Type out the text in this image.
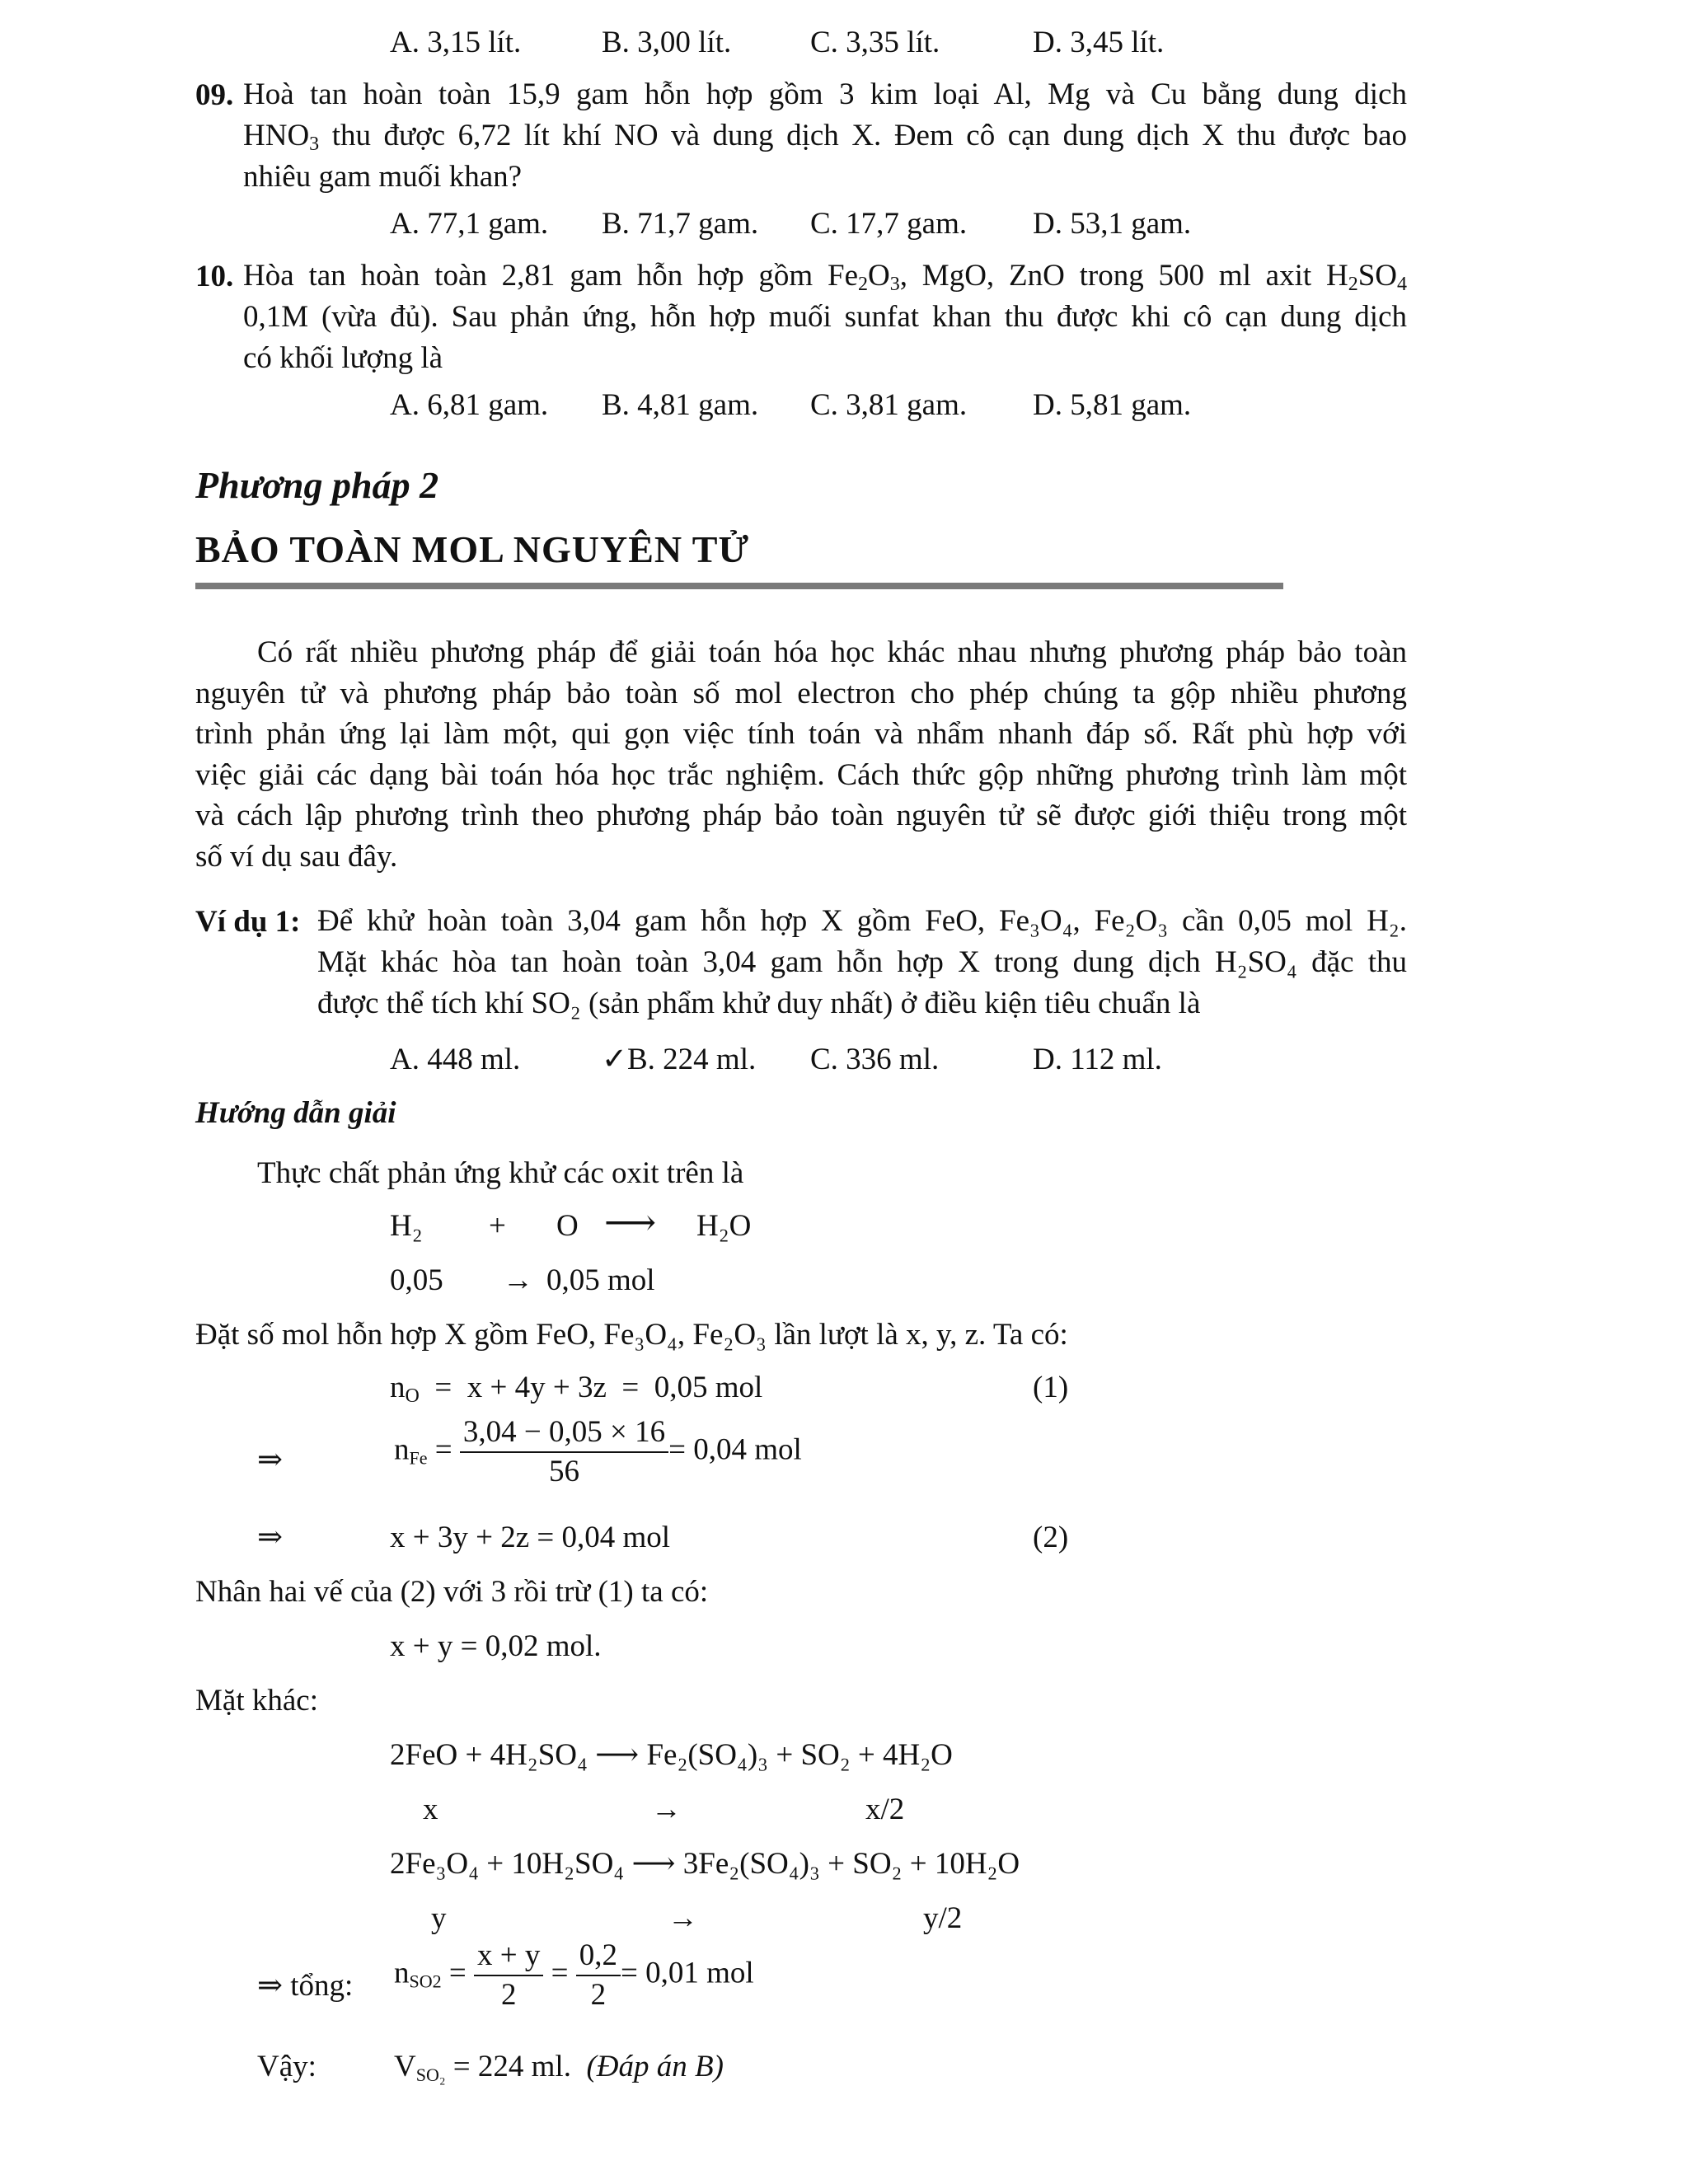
A. 3,15 lít.	B. 3,00 lít.	C. 3,35 lít.	D. 3,45 lít.
09. Hoà tan hoàn toàn 15,9 gam hỗn hợp gồm 3 kim loại Al, Mg và Cu bằng dung dịch
$HNO_3$ thu được 6,72 lít khí NO và dung dịch X. Đem cô cạn dung dịch X thu được bao
nhiêu gam muối khan?
A. 77,1 gam. B. 71,7 gam. C. 17,7 gam. D. 53,1 gam.
10. Hòa tan hoàn toàn 2,81 gam hỗn hợp gồm $Fe_2O_3$, MgO, ZnO trong 500 ml axit $H_2SO_4$
0,1M (vừa đủ). Sau phản ứng, hỗn hợp muối sunfat khan thu được khi cô cạn dung dịch
có khối lượng là
A. 6,81 gam. B. 4,81 gam. C. 3,81 gam. D. 5,81 gam.
Phương pháp 2
BẢO TOÀN MOL NGUYÊN TỬ
Có rất nhiều phương pháp để giải toán hóa học khác nhau nhưng phương pháp bảo toàn
nguyên tử và phương pháp bảo toàn số mol electron cho phép chúng ta gộp nhiều phương
trình phản ứng lại làm một, qui gọn việc tính toán và nhẩm nhanh đáp số. Rất phù hợp với
việc giải các dạng bài toán hóa học trắc nghiệm. Cách thức gộp những phương trình làm một
và cách lập phương trình theo phương pháp bảo toàn nguyên tử sẽ được giới thiệu trong một
số ví dụ sau đây.
Ví dụ 1: Để khử hoàn toàn 3,04 gam hỗn hợp X gồm FeO, Fe₃O₄, Fe₂O₃ cần 0,05 mol H₂.
Mặt khác hòa tan hoàn toàn 3,04 gam hỗn hợp X trong dung dịch H₂SO₄ đặc thu
được thể tích khí SO₂ (sản phẩm khử duy nhất) ở điều kiện tiêu chuẩn là
A. 448 ml.	✓B. 224 ml. C. 336 ml.	D. 112 ml.
Hướng dẫn giải
Thực chất phản ứng khử các oxit trên là
H₂ + O ⟶ H₂O
0,05 → 0,05 mol
Đặt số mol hỗn hợp X gồm FeO, Fe₃O₄, Fe₂O₃ lần lượt là x, y, z. Ta có:
$n_O = x + 4y + 3z = 0,05$ mol	(1)
⇒	$n_{Fe} = \frac{3,04 - 0,05 \times 16}{56} = 0,04$ mol
⇒	x + 3y + 2z = 0,04 mol	(2)
Nhân hai vế của (2) với 3 rồi trừ (1) ta có:
x + y = 0,02 mol.
Mặt khác:
2FeO + 4H₂SO₄ ⟶ Fe₂(SO₄)₃ + SO₂ + 4H₂O
x	→	x/2
2Fe₃O₄ + 10H₂SO₄ ⟶ 3Fe₂(SO₄)₃ + SO₂ + 10H₂O
y	→	y/2
⇒ tổng: $n_{SO2} = \frac{x + y}{2} = \frac{0,2}{2} = 0,01$ mol
Vậy:	$V_{SO_2} = 224$ ml.  (Đáp án B)
